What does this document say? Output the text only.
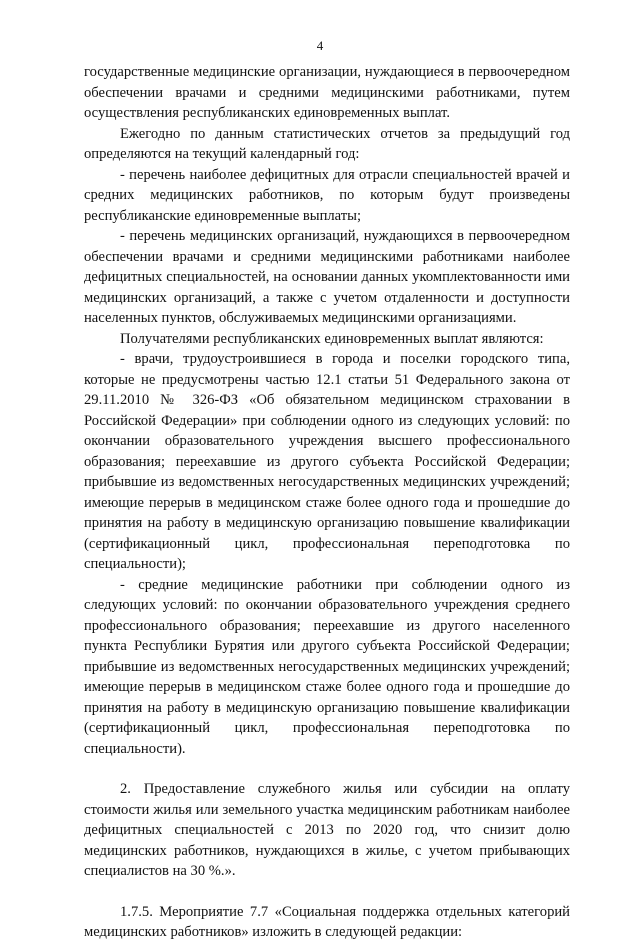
4

государственные медицинские организации, нуждающиеся в первоочередном обеспечении врачами и средними медицинскими работниками, путем осуществления республиканских единовременных выплат.

Ежегодно по данным статистических отчетов за предыдущий год определяются на текущий календарный год:

- перечень наиболее дефицитных для отрасли специальностей врачей и средних медицинских работников, по которым будут произведены республиканские единовременные выплаты;

- перечень медицинских организаций, нуждающихся в первоочередном обеспечении врачами и средними медицинскими работниками наиболее дефицитных специальностей, на основании данных укомплектованности ими медицинских организаций, а также с учетом отдаленности и доступности населенных пунктов, обслуживаемых медицинскими организациями.

Получателями республиканских единовременных выплат являются:

- врачи, трудоустроившиеся в города и поселки городского типа, которые не предусмотрены частью 12.1 статьи 51 Федерального закона от 29.11.2010 № 326-ФЗ «Об обязательном медицинском страховании в Российской Федерации» при соблюдении одного из следующих условий: по окончании образовательного учреждения высшего профессионального образования; переехавшие из другого субъекта Российской Федерации; прибывшие из ведомственных негосударственных медицинских учреждений; имеющие перерыв в медицинском стаже более одного года и прошедшие до принятия на работу в медицинскую организацию повышение квалификации (сертификационный цикл, профессиональная переподготовка по специальности);

- средние медицинские работники при соблюдении одного из следующих условий: по окончании образовательного учреждения среднего профессионального образования; переехавшие из другого населенного пункта Республики Бурятия или другого субъекта Российской Федерации; прибывшие из ведомственных негосударственных медицинских учреждений; имеющие перерыв в медицинском стаже более одного года и прошедшие до принятия на работу в медицинскую организацию повышение квалификации (сертификационный цикл, профессиональная переподготовка по специальности).

2. Предоставление служебного жилья или субсидии на оплату стоимости жилья или земельного участка медицинским работникам наиболее дефицитных специальностей с 2013 по 2020 год, что снизит долю медицинских работников, нуждающихся в жилье, с учетом прибывающих специалистов на 30 %.».

1.7.5. Мероприятие 7.7 «Социальная поддержка отдельных категорий медицинских работников» изложить в следующей редакции:
